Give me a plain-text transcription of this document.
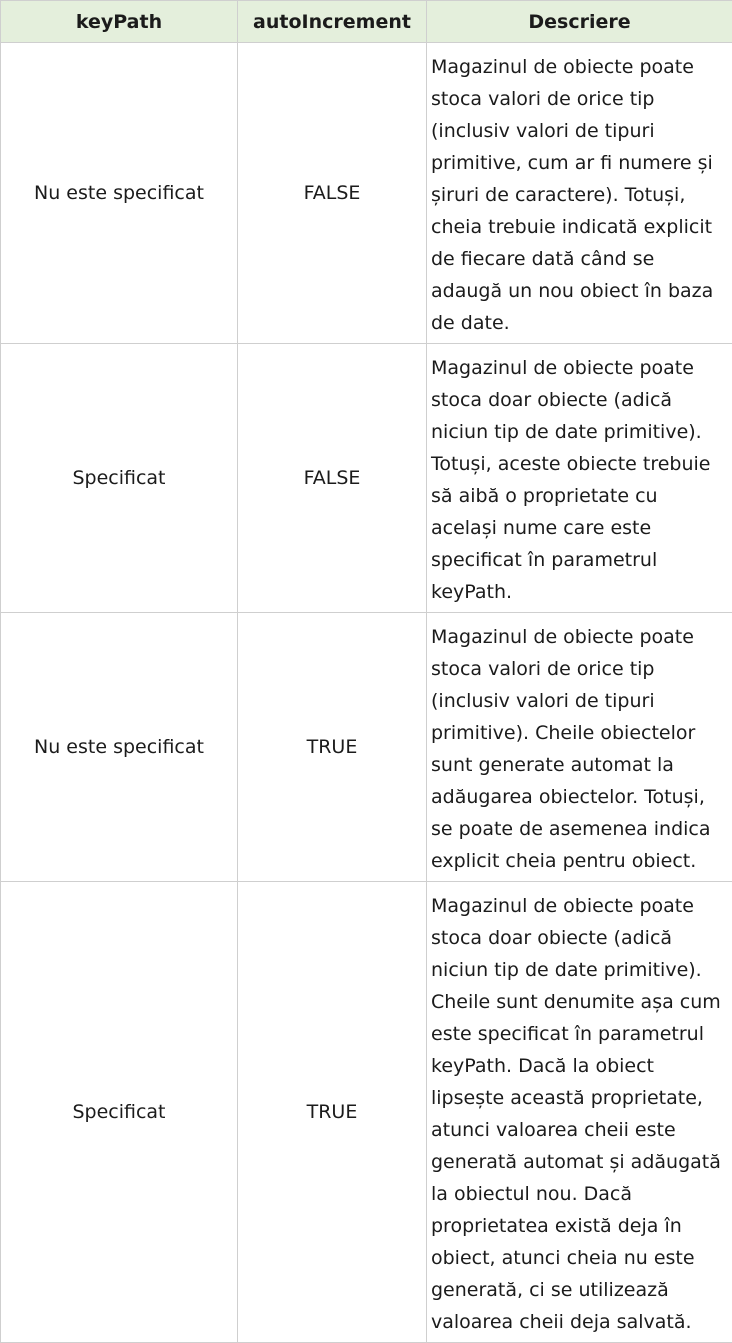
keyPath	autoIncrement	Descriere
Nu este specificat	FALSE	Magazinul de obiecte poate stoca valori de orice tip (inclusiv valori de tipuri primitive, cum ar fi numere și șiruri de caractere). Totuși, cheia trebuie indicată explicit de fiecare dată când se adaugă un nou obiect în baza de date.
Specificat	FALSE	Magazinul de obiecte poate stoca doar obiecte (adică niciun tip de date primitive). Totuși, aceste obiecte trebuie să aibă o proprietate cu același nume care este specificat în parametrul keyPath.
Nu este specificat	TRUE	Magazinul de obiecte poate stoca valori de orice tip (inclusiv valori de tipuri primitive). Cheile obiectelor sunt generate automat la adăugarea obiectelor. Totuși, se poate de asemenea indica explicit cheia pentru obiect.
Specificat	TRUE	Magazinul de obiecte poate stoca doar obiecte (adică niciun tip de date primitive). Cheile sunt denumite așa cum este specificat în parametrul keyPath. Dacă la obiect lipsește această proprietate, atunci valoarea cheii este generată automat și adăugată la obiectul nou. Dacă proprietatea există deja în obiect, atunci cheia nu este generată, ci se utilizează valoarea cheii deja salvată.
